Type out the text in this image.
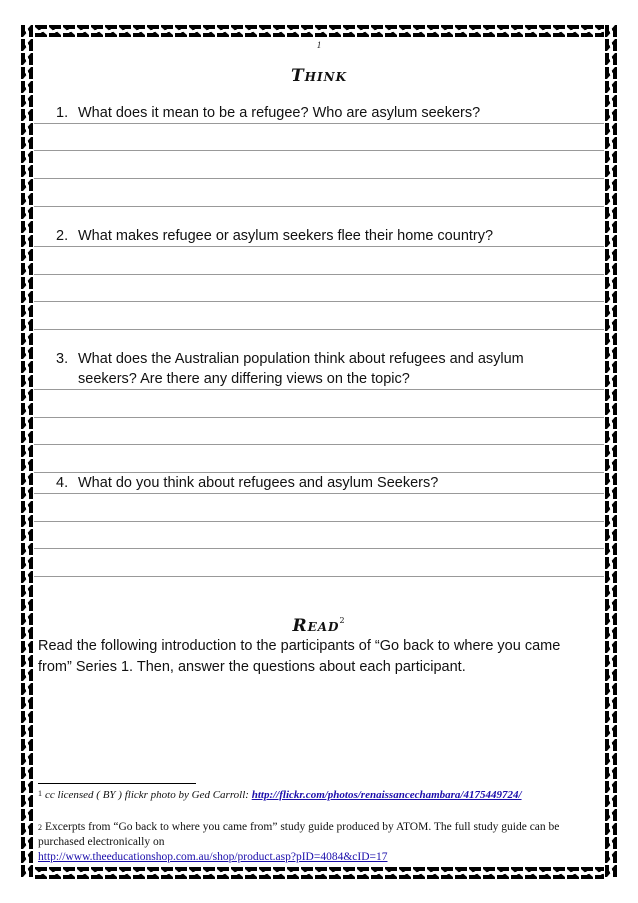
1
Think
1. What does it mean to be a refugee? Who are asylum seekers?
2. What makes refugee or asylum seekers flee their home country?
3. What does the Australian population think about refugees and asylum seekers? Are there any differing views on the topic?
4. What do you think about refugees and asylum Seekers?
Read$^2$
Read the following introduction to the participants of “Go back to where you came from” Series 1. Then, answer the questions about each participant.
$^1$ cc licensed ( BY ) flickr photo by Ged Carroll: http://flickr.com/photos/renaissancechambara/4175449724/
$^2$ Excerpts from “Go back to where you came from” study guide produced by ATOM. The full study guide can be purchased electronically on
http://www.theeducationshop.com.au/shop/product.asp?pID=4084&cID=17
